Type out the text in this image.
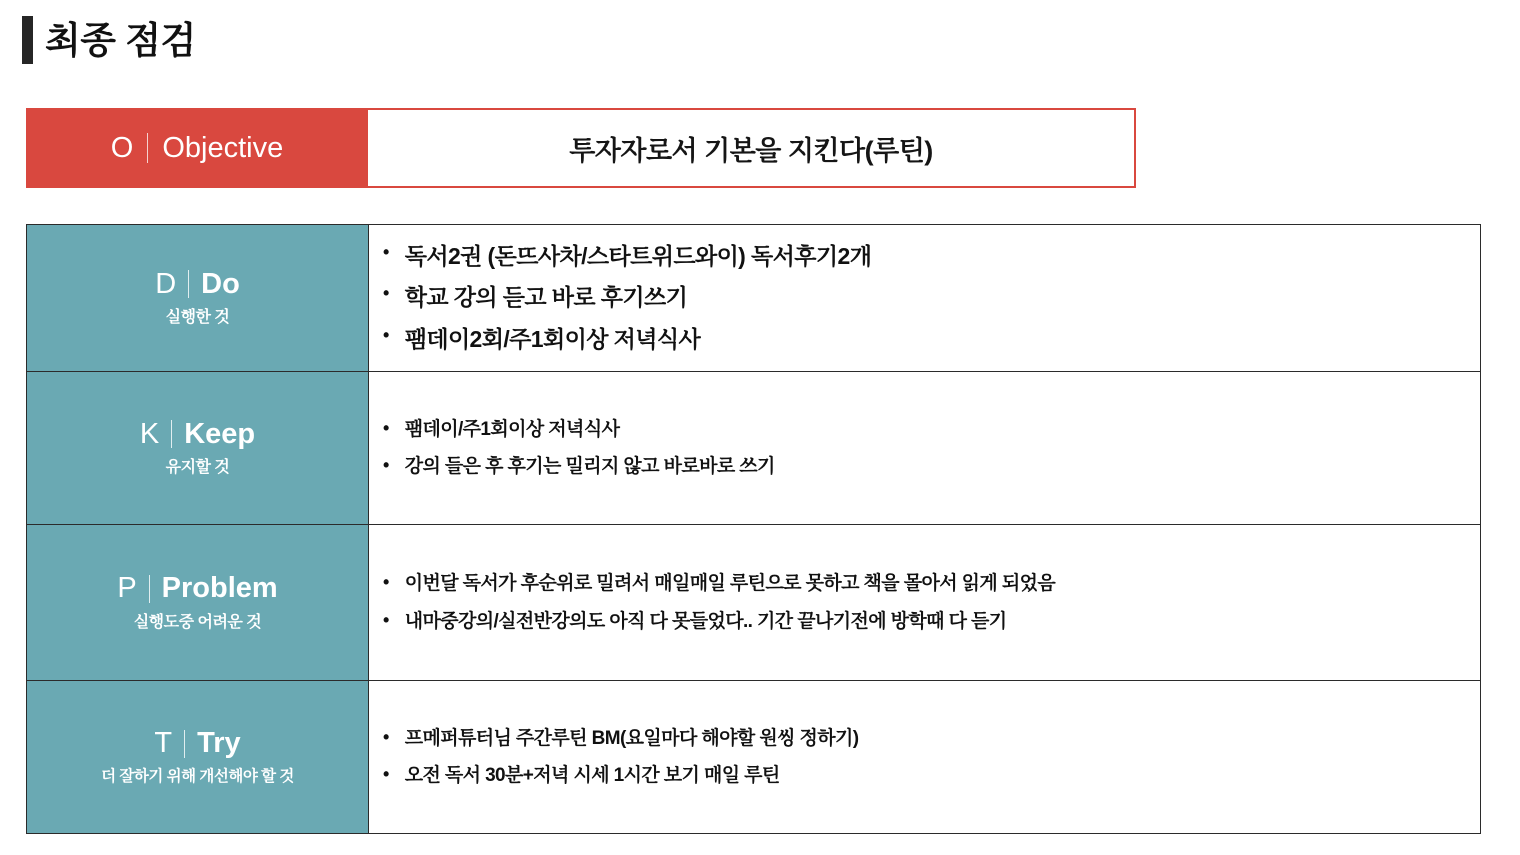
최종 점검
O Objective	투자자로서 기본을 지킨다(루틴)
D Do
실행한 것
• 독서2권 (돈뜨사차/스타트위드와이) 독서후기2개
• 학교 강의 듣고 바로 후기쓰기
• 팸데이2회/주1회이상 저녁식사
K Keep
유지할 것
• 팸데이/주1회이상 저녁식사
• 강의 들은 후 후기는 밀리지 않고 바로바로 쓰기
P Problem
실행도중 어려운 것
• 이번달 독서가 후순위로 밀려서 매일매일 루틴으로 못하고 책을 몰아서 읽게 되었음
• 내마중강의/실전반강의도 아직 다 못들었다.. 기간 끝나기전에 방학때 다 듣기
T Try
더 잘하기 위해 개선해야 할 것
• 프메퍼튜터님 주간루틴 BM(요일마다 해야할 원씽 정하기)
• 오전 독서 30분+저녁 시세 1시간 보기 매일 루틴
